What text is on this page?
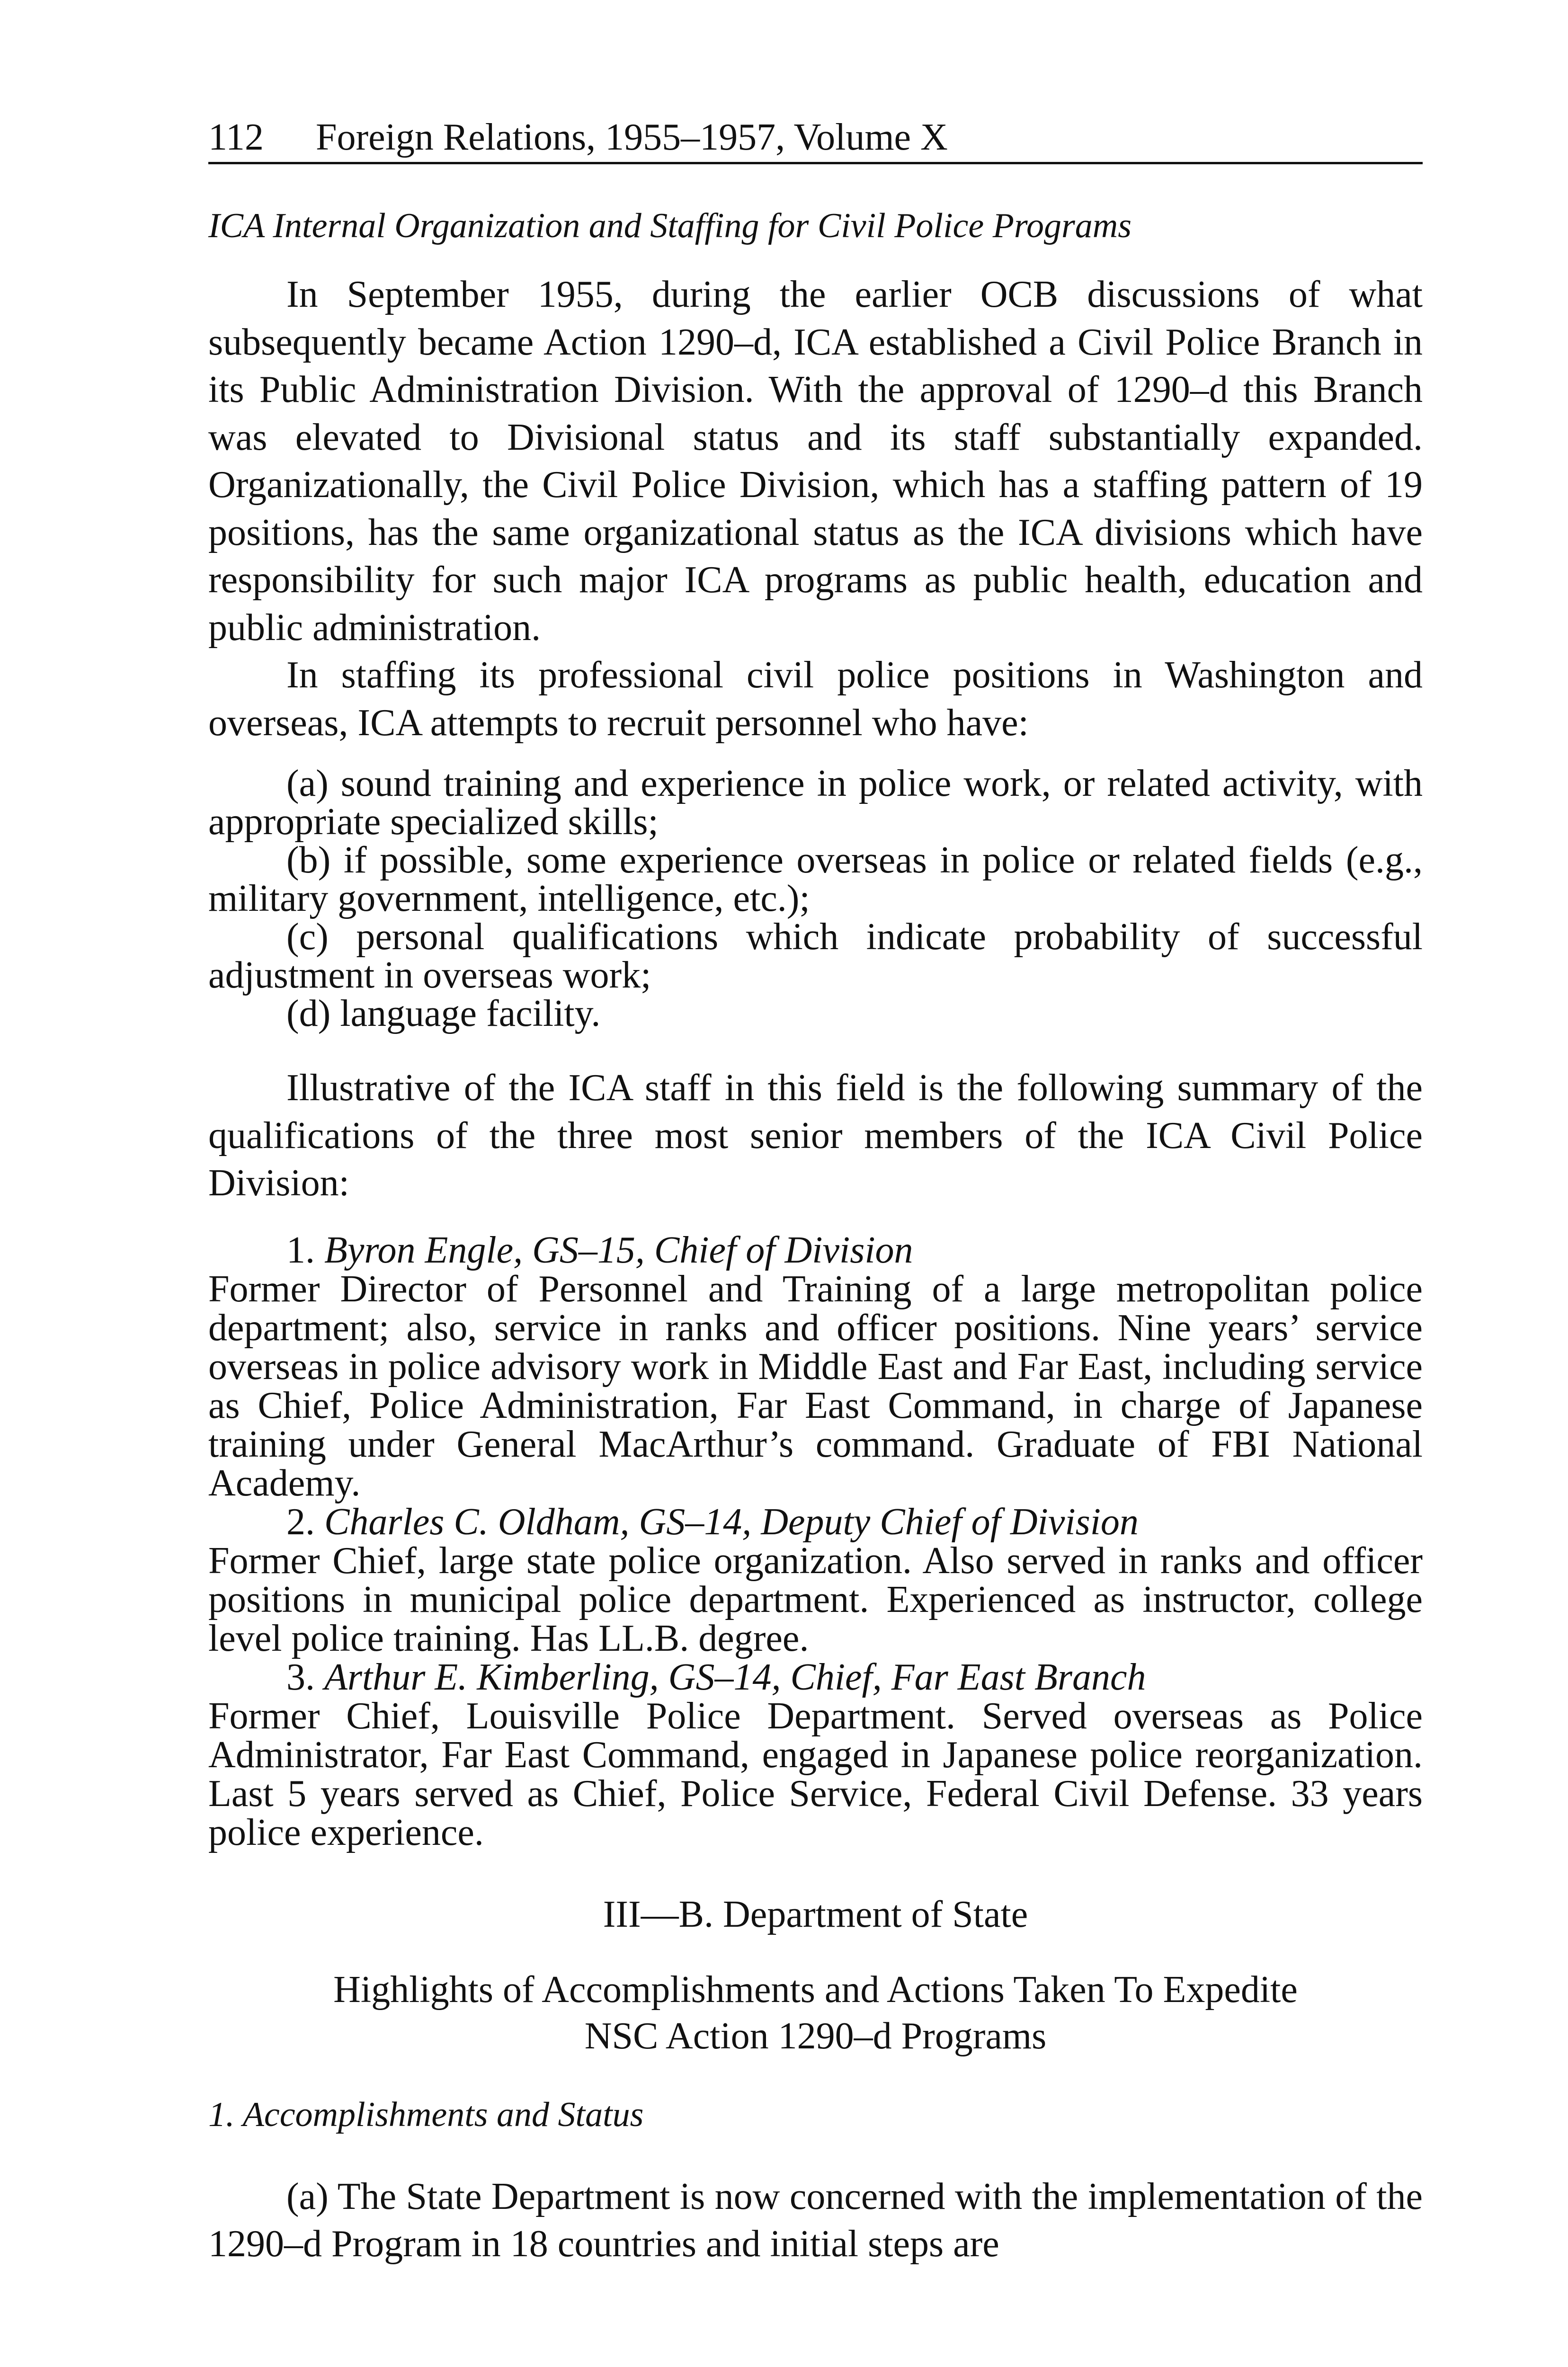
112 Foreign Relations, 1955–1957, Volume X
ICA Internal Organization and Staffing for Civil Police Programs

In September 1955, during the earlier OCB discussions of what subsequently became Action 1290–d, ICA established a Civil Police Branch in its Public Administration Division. With the approval of 1290–d this Branch was elevated to Divisional status and its staff substantially expanded. Organizationally, the Civil Police Division, which has a staffing pattern of 19 positions, has the same organizational status as the ICA divisions which have responsibility for such major ICA programs as public health, education and public administration.

In staffing its professional civil police positions in Washington and overseas, ICA attempts to recruit personnel who have:

(a) sound training and experience in police work, or related activity, with appropriate specialized skills;

(b) if possible, some experience overseas in police or related fields (e.g., military government, intelligence, etc.);

(c) personal qualifications which indicate probability of successful adjustment in overseas work;

(d) language facility.

Illustrative of the ICA staff in this field is the following summary of the qualifications of the three most senior members of the ICA Civil Police Division:

1. Byron Engle, GS–15, Chief of Division

Former Director of Personnel and Training of a large metropolitan police department; also, service in ranks and officer positions. Nine years’ service overseas in police advisory work in Middle East and Far East, including service as Chief, Police Administration, Far East Command, in charge of Japanese training under General MacArthur’s command. Graduate of FBI National Academy.

2. Charles C. Oldham, GS–14, Deputy Chief of Division

Former Chief, large state police organization. Also served in ranks and officer positions in municipal police department. Experienced as instructor, college level police training. Has LL.B. degree.

3. Arthur E. Kimberling, GS–14, Chief, Far East Branch

Former Chief, Louisville Police Department. Served overseas as Police Administrator, Far East Command, engaged in Japanese police reorganization. Last 5 years served as Chief, Police Service, Federal Civil Defense. 33 years police experience.

III—B. Department of State
Highlights of Accomplishments and Actions Taken To Expedite
NSC Action 1290–d Programs
1. Accomplishments and Status

(a) The State Department is now concerned with the implementation of the 1290–d Program in 18 countries and initial steps are
